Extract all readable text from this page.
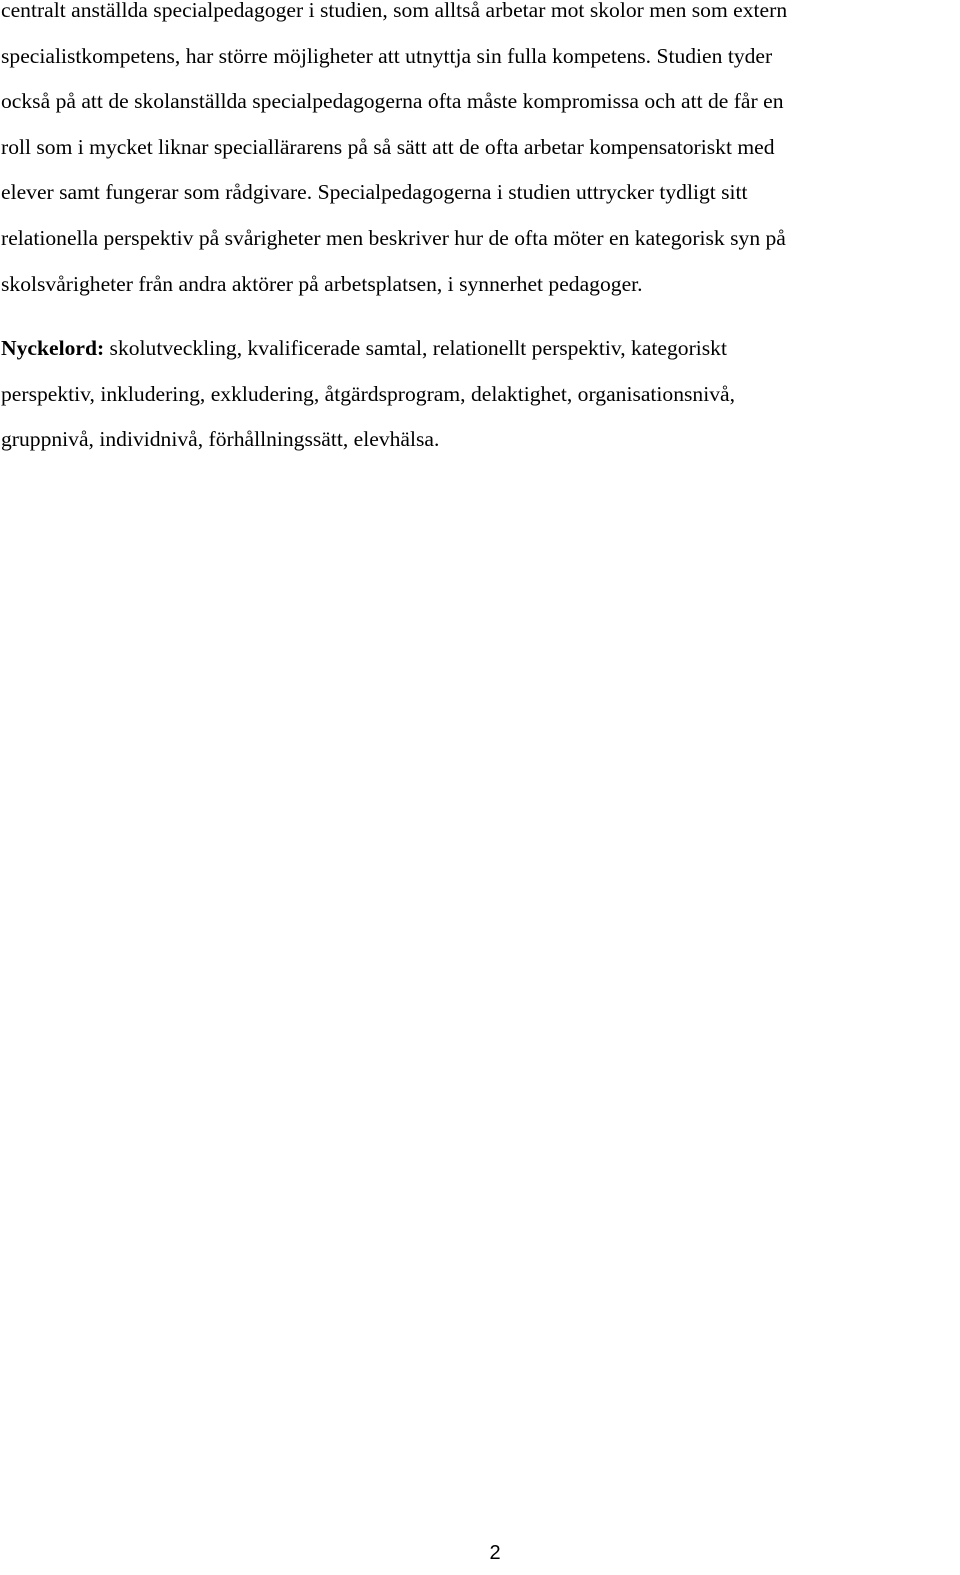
centralt anställda specialpedagoger i studien, som alltså arbetar mot skolor men som extern
specialistkompetens, har större möjligheter att utnyttja sin fulla kompetens. Studien tyder
också på att de skolanställda specialpedagogerna ofta måste kompromissa och att de får en
roll som i mycket liknar speciallärarens på så sätt att de ofta arbetar kompensatoriskt med
elever samt fungerar som rådgivare. Specialpedagogerna i studien uttrycker tydligt sitt
relationella perspektiv på svårigheter men beskriver hur de ofta möter en kategorisk syn på
skolsvårigheter från andra aktörer på arbetsplatsen, i synnerhet pedagoger.
Nyckelord: skolutveckling, kvalificerade samtal, relationellt perspektiv, kategoriskt
perspektiv, inkludering, exkludering, åtgärdsprogram, delaktighet, organisationsnivå,
gruppnivå, individnivå, förhållningssätt, elevhälsa.
2
